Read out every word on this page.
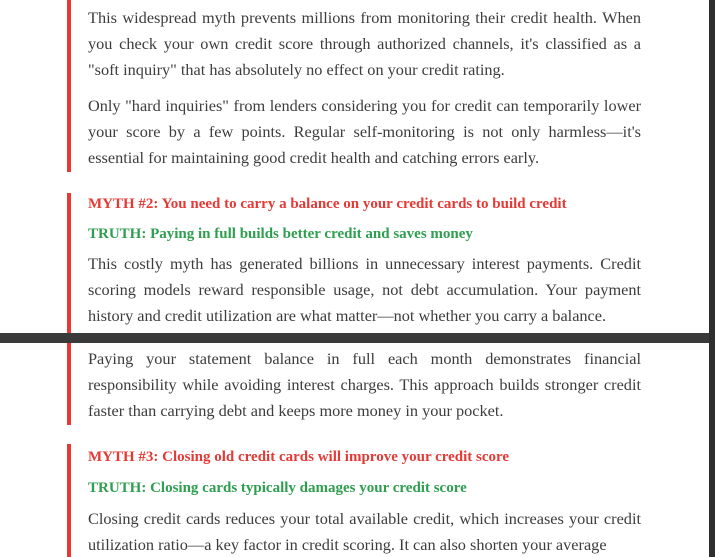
This widespread myth prevents millions from monitoring their credit health. When you check your own credit score through authorized channels, it's classified as a "soft inquiry" that has absolutely no effect on your credit rating.

Only "hard inquiries" from lenders considering you for credit can temporarily lower your score by a few points. Regular self-monitoring is not only harmless—it's essential for maintaining good credit health and catching errors early.

MYTH #2: You need to carry a balance on your credit cards to build credit

TRUTH: Paying in full builds better credit and saves money

This costly myth has generated billions in unnecessary interest payments. Credit scoring models reward responsible usage, not debt accumulation. Your payment history and credit utilization are what matter—not whether you carry a balance.

Paying your statement balance in full each month demonstrates financial responsibility while avoiding interest charges. This approach builds stronger credit faster than carrying debt and keeps more money in your pocket.

MYTH #3: Closing old credit cards will improve your credit score

TRUTH: Closing cards typically damages your credit score

Closing credit cards reduces your total available credit, which increases your credit utilization ratio—a key factor in credit scoring. It can also shorten your average
